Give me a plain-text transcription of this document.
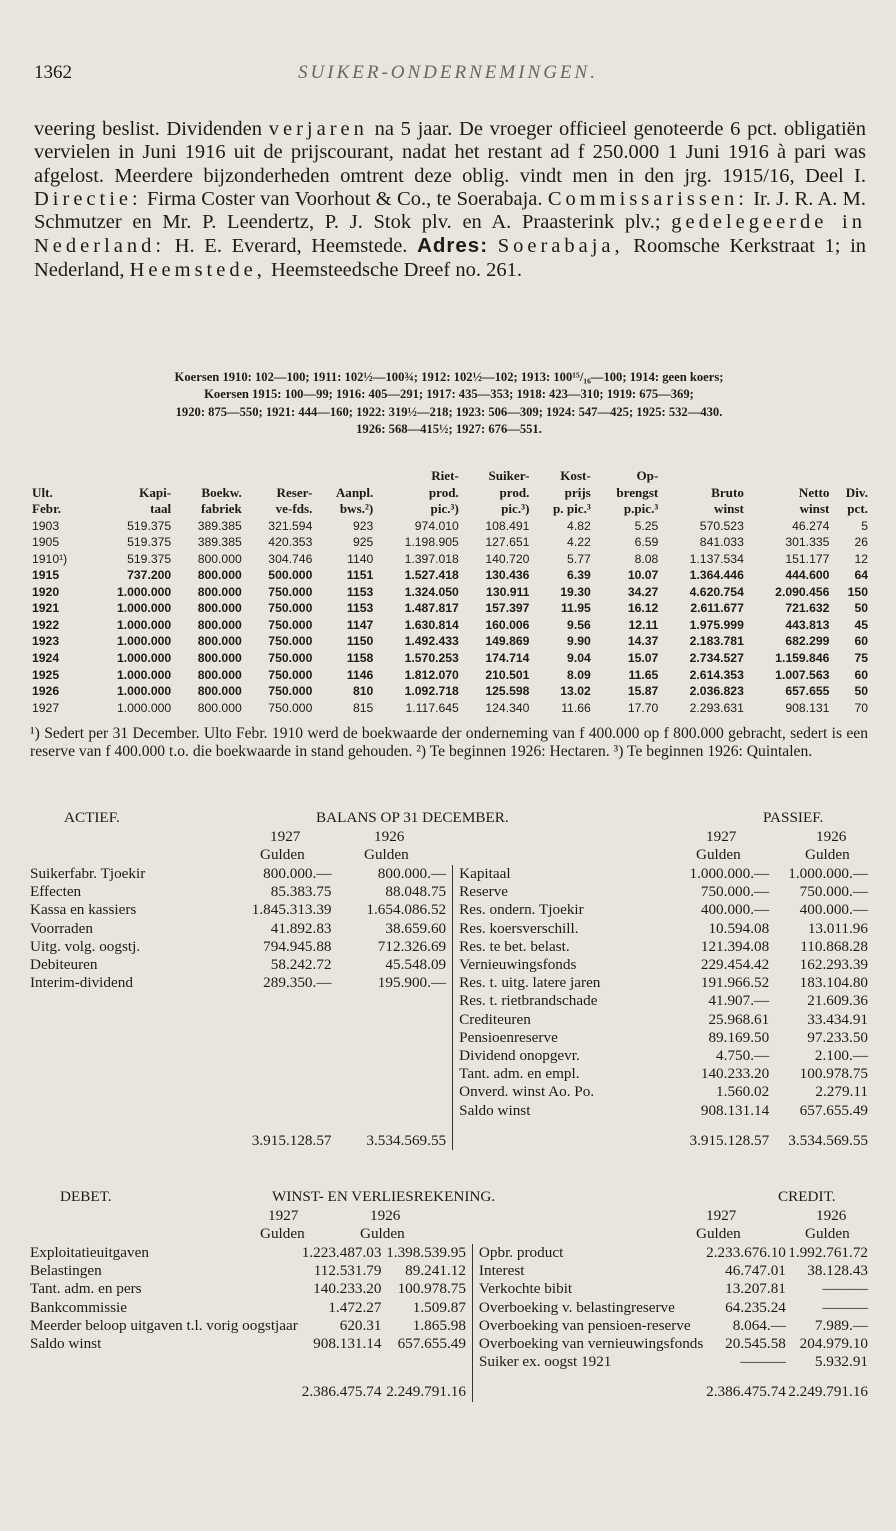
1362	SUIKER-ONDERNEMINGEN.

veering beslist. Dividenden verjaren na 5 jaar. De vroeger officieel genoteerde 6 pct. obligatiën vervielen in Juni 1916 uit de prijscourant, nadat het restant ad f 250.000 1 Juni 1916 à pari was afgelost. Meerdere bijzonderheden omtrent deze oblig. vindt men in den jrg. 1915/16, Deel I. Directie: Firma Coster van Voorhout & Co., te Soerabaja. Commissarissen: Ir. J. R. A. M. Schmutzer en Mr. P. Leendertz, P. J. Stok plv. en A. Praasterink plv.; gedelegeerde in Nederland: H. E. Everard, Heemstede. Adres: Soerabaja, Roomsche Kerkstraat 1; in Nederland, Heemstede, Heemsteedsche Dreef no. 261.

Koersen 1910: 102—100; 1911: 102½—100¾; 1912: 102½—102; 1913: 100¹⁵/₁₆—100; 1914: geen koers;
Koersen 1915: 100—99; 1916: 405—291; 1917: 435—353; 1918: 423—310; 1919: 675—369;
1920: 875—550; 1921: 444—160; 1922: 319½—218; 1923: 506—309; 1924: 547—425; 1925: 532—430.
1926: 568—415½; 1927: 676—551.
					Riet-	Suiker-	Kost-	Op-			
Ult.	Kapi-	Boekw.	Reser-	Aanpl.	prod.	prod.	prijs	brengst	Bruto	Netto	Div.
Febr.	taal	fabriek	ve-fds.	bws.²)	pic.³)	pic.³)	p. pic.³	p.pic.³	winst	winst	pct.
1903	519.375	389.385	321.594	923	974.010	108.491	4.82	5.25	570.523	46.274	5
1905	519.375	389.385	420.353	925	1.198.905	127.651	4.22	6.59	841.033	301.335	26
1910¹)	519.375	800.000	304.746	1140	1.397.018	140.720	5.77	8.08	1.137.534	151.177	12
1915	737.200	800.000	500.000	1151	1.527.418	130.436	6.39	10.07	1.364.446	444.600	64
1920	1.000.000	800.000	750.000	1153	1.324.050	130.911	19.30	34.27	4.620.754	2.090.456	150
1921	1.000.000	800.000	750.000	1153	1.487.817	157.397	11.95	16.12	2.611.677	721.632	50
1922	1.000.000	800.000	750.000	1147	1.630.814	160.006	9.56	12.11	1.975.999	443.813	45
1923	1.000.000	800.000	750.000	1150	1.492.433	149.869	9.90	14.37	2.183.781	682.299	60
1924	1.000.000	800.000	750.000	1158	1.570.253	174.714	9.04	15.07	2.734.527	1.159.846	75
1925	1.000.000	800.000	750.000	1146	1.812.070	210.501	8.09	11.65	2.614.353	1.007.563	60
1926	1.000.000	800.000	750.000	810	1.092.718	125.598	13.02	15.87	2.036.823	657.655	50
1927	1.000.000	800.000	750.000	815	1.117.645	124.340	11.66	17.70	2.293.631	908.131	70
¹) Sedert per 31 December. Ulto Febr. 1910 werd de boekwaarde der onderneming van f 400.000 op f 800.000 gebracht, sedert is een reserve van f 400.000 t.o. die boekwaarde in stand gehouden. ²) Te beginnen 1926: Hectaren. ³) Te beginnen 1926: Quintalen.
ACTIEF.	BALANS OP 31 DECEMBER.	PASSIEF.
1927	1926	1927	1926
Gulden	Gulden	Gulden	Gulden
Suikerfabr. Tjoekir	800.000.—	800.000.—	Kapitaal	1.000.000.—	1.000.000.—
Effecten	85.383.75	88.048.75	Reserve	750.000.—	750.000.—
Kassa en kassiers	1.845.313.39	1.654.086.52	Res. ondern. Tjoekir	400.000.—	400.000.—
Voorraden	41.892.83	38.659.60	Res. koersverschill.	10.594.08	13.011.96
Uitg. volg. oogstj.	794.945.88	712.326.69	Res. te bet. belast.	121.394.08	110.868.28
Debiteuren	58.242.72	45.548.09	Vernieuwingsfonds	229.454.42	162.293.39
Interim-dividend	289.350.—	195.900.—	Res. t. uitg. latere jaren	191.966.52	183.104.80
			Res. t. rietbrandschade	41.907.—	21.609.36
			Crediteuren	25.968.61	33.434.91
			Pensioenreserve	89.169.50	97.233.50
			Dividend onopgevr.	4.750.—	2.100.—
			Tant. adm. en empl.	140.233.20	100.978.75
			Onverd. winst Ao. Po.	1.560.02	2.279.11
			Saldo winst	908.131.14	657.655.49
	3.915.128.57	3.534.569.55		3.915.128.57	3.534.569.55
DEBET.	WINST- EN VERLIESREKENING.	CREDIT.
1927	1926	1927	1926
Gulden	Gulden	Gulden	Gulden
Exploitatieuitgaven	1.223.487.03	1.398.539.95	Opbr. product	2.233.676.10	1.992.761.72
Belastingen	112.531.79	89.241.12	Interest	46.747.01	38.128.43
Tant. adm. en pers	140.233.20	100.978.75	Verkochte bibit	13.207.81	———
Bankcommissie	1.472.27	1.509.87	Overboeking v. belastingreserve	64.235.24	———
Meerder beloop uitgaven t.l. vorig oogstjaar	620.31	1.865.98	Overboeking van pensioen-reserve	8.064.—	7.989.—
Saldo winst	908.131.14	657.655.49	Overboeking van vernieuwingsfonds	20.545.58	204.979.10
			Suiker ex. oogst 1921	———	5.932.91
	2.386.475.74	2.249.791.16		2.386.475.74	2.249.791.16
